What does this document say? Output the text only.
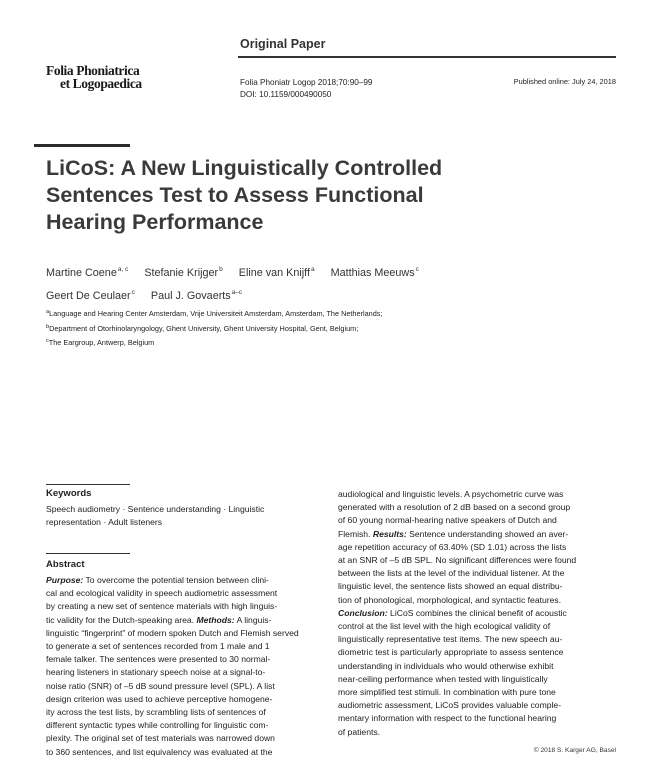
Folia Phoniatrica
et Logopaedica
Original Paper
Folia Phoniatr Logop 2018;70:90–99
DOI: 10.1159/000490050
Published online: July 24, 2018
LiCoS: A New Linguistically Controlled
Sentences Test to Assess Functional
Hearing Performance
Martine Coene$^{a, c}$ Stefanie Krijger$^b$ Eline van Knijff$^a$ Matthias Meeuws$^c$
Geert De Ceulaer$^c$ Paul J. Govaerts$^{a-c}$
$^a$Language and Hearing Center Amsterdam, Vrije Universiteit Amsterdam, Amsterdam, The Netherlands;
$^b$Department of Otorhinolaryngology, Ghent University, Ghent University Hospital, Gent, Belgium;
$^c$The Eargroup, Antwerp, Belgium
Keywords
Speech audiometry · Sentence understanding · Linguistic
representation · Adult listeners
Abstract
Purpose: To overcome the potential tension between clini-
cal and ecological validity in speech audiometric assessment
by creating a new set of sentence materials with high linguis-
tic validity for the Dutch-speaking area. Methods: A linguis-
linguistic “fingerprint” of modern spoken Dutch and Flemish served
to generate a set of sentences recorded from 1 male and 1
female talker. The sentences were presented to 30 normal-
hearing listeners in stationary speech noise at a signal-to-
noise ratio (SNR) of –5 dB sound pressure level (SPL). A list
design criterion was used to achieve perceptive homogene-
ity across the test lists, by scrambling lists of sentences of
different syntactic types while controlling for linguistic com-
plexity. The original set of test materials was narrowed down
to 360 sentences, and list equivalency was evaluated at the
audiological and linguistic levels. A psychometric curve was
generated with a resolution of 2 dB based on a second group
of 60 young normal-hearing native speakers of Dutch and
Flemish. Results: Sentence understanding showed an aver-
age repetition accuracy of 63.40% (SD 1.01) across the lists
at an SNR of –5 dB SPL. No significant differences were found
between the lists at the level of the individual listener. At the
linguistic level, the sentence lists showed an equal distribu-
tion of phonological, morphological, and syntactic features.
Conclusion: LiCoS combines the clinical benefit of acoustic
control at the list level with the high ecological validity of
linguistically representative test items. The new speech au-
diometric test is particularly appropriate to assess sentence
understanding in individuals who would otherwise exhibit
near-ceiling performance when tested with linguistically
more simplified test stimuli. In combination with pure tone
audiometric assessment, LiCoS provides valuable comple-
mentary information with respect to the functional hearing
of patients.
© 2018 S. Karger AG, Basel
